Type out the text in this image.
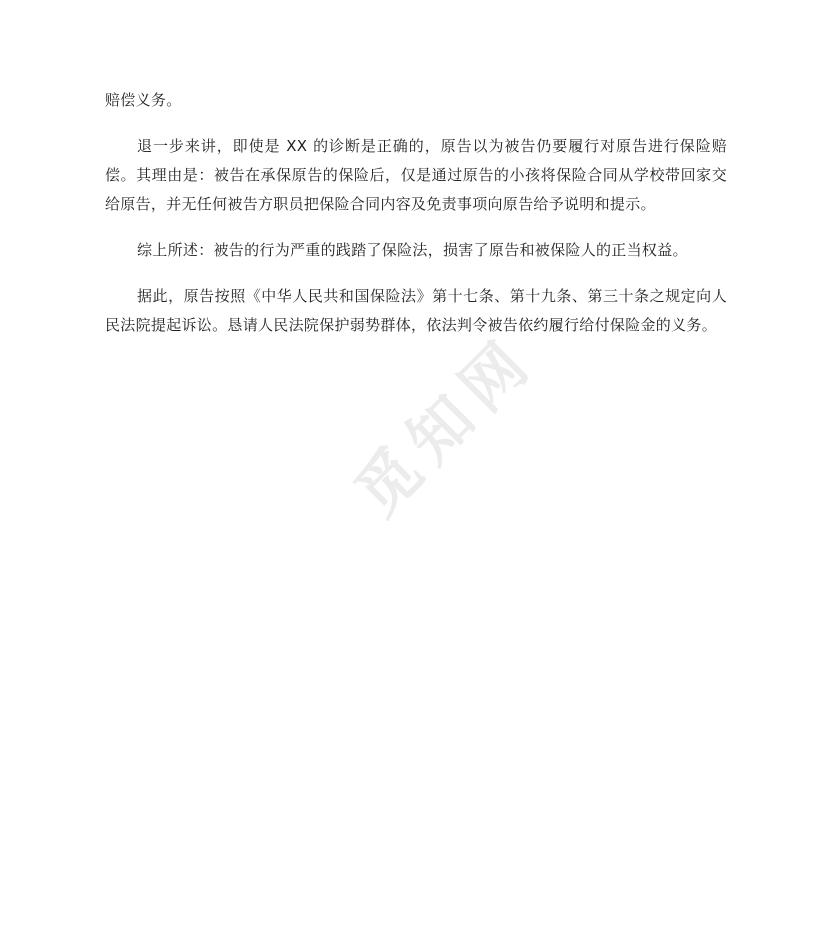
赔偿义务。

退一步来讲，即使是 XX 的诊断是正确的，原告以为被告仍要履行对原告进行保险赔偿。其理由是：被告在承保原告的保险后，仅是通过原告的小孩将保险合同从学校带回家交给原告，并无任何被告方职员把保险合同内容及免责事项向原告给予说明和提示。

综上所述：被告的行为严重的践踏了保险法，损害了原告和被保险人的正当权益。

据此，原告按照《中华人民共和国保险法》第十七条、第十九条、第三十条之规定向人民法院提起诉讼。恳请人民法院保护弱势群体，依法判令被告依约履行给付保险金的义务。

觅知网
